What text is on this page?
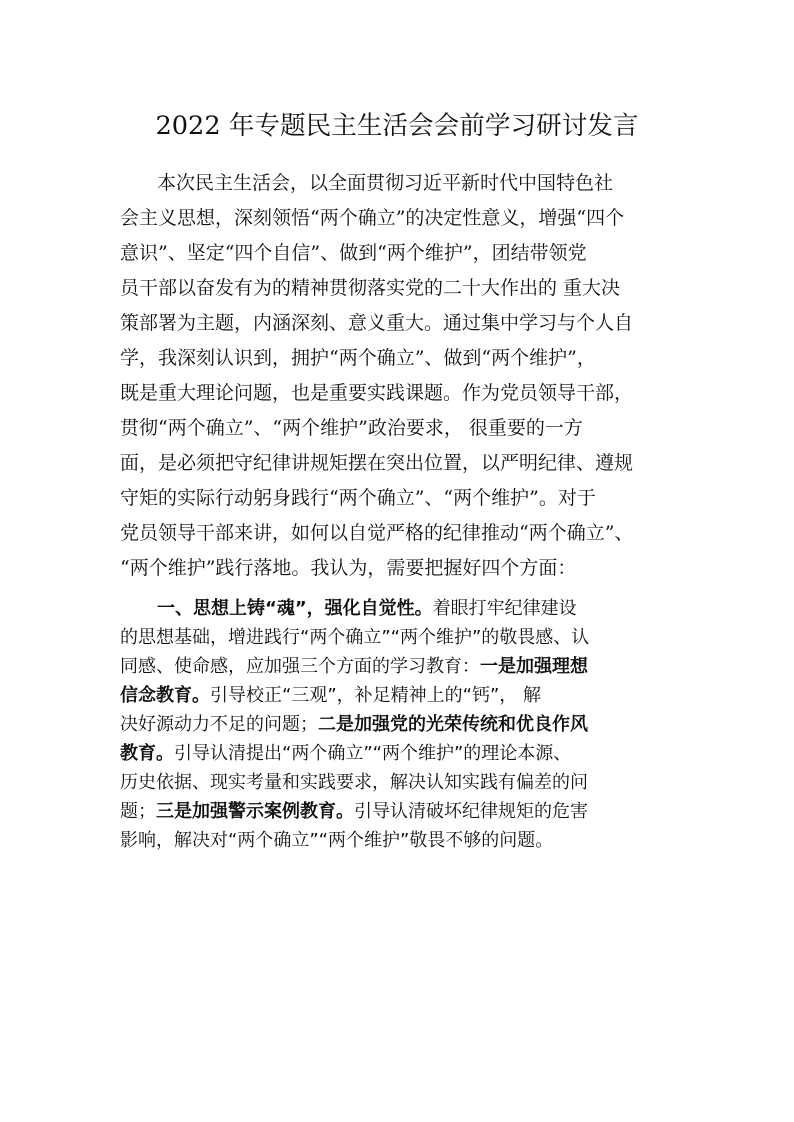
2022 年专题民主生活会会前学习研讨发言
本次民主生活会，以全面贯彻习近平新时代中国特色社
会主义思想，深刻领悟“两个确立”的决定性意义，增强“四个
意识”、坚定“四个自信”、做到“两个维护”，团结带领党
员干部以奋发有为的精神贯彻落实党的二十大作出的 重大决
策部署为主题，内涵深刻、意义重大。通过集中学习与个人自
学，我深刻认识到，拥护“两个确立”、做到“两个维护”，
既是重大理论问题，也是重要实践课题。作为党员领导干部，
贯彻“两个确立”、“两个维护”政治要求， 很重要的一方
面，是必须把守纪律讲规矩摆在突出位置，以严明纪律、遵规
守矩的实际行动躬身践行“两个确立”、“两个维护”。对于
党员领导干部来讲，如何以自觉严格的纪律推动“两个确立”、
“两个维护”践行落地。我认为，需要把握好四个方面：
一、思想上铸“魂”，强化自觉性。着眼打牢纪律建设
的思想基础，增进践行“两个确立”“两个维护”的敬畏感、认
同感、使命感，应加强三个方面的学习教育：一是加强理想
信念教育。引导校正“三观”，补足精神上的“钙”， 解
决好源动力不足的问题；二是加强党的光荣传统和优良作风
教育。引导认清提出“两个确立”“两个维护”的理论本源、
历史依据、现实考量和实践要求，解决认知实践有偏差的问
题；三是加强警示案例教育。引导认清破坏纪律规矩的危害
影响，解决对“两个确立”“两个维护”敬畏不够的问题。
